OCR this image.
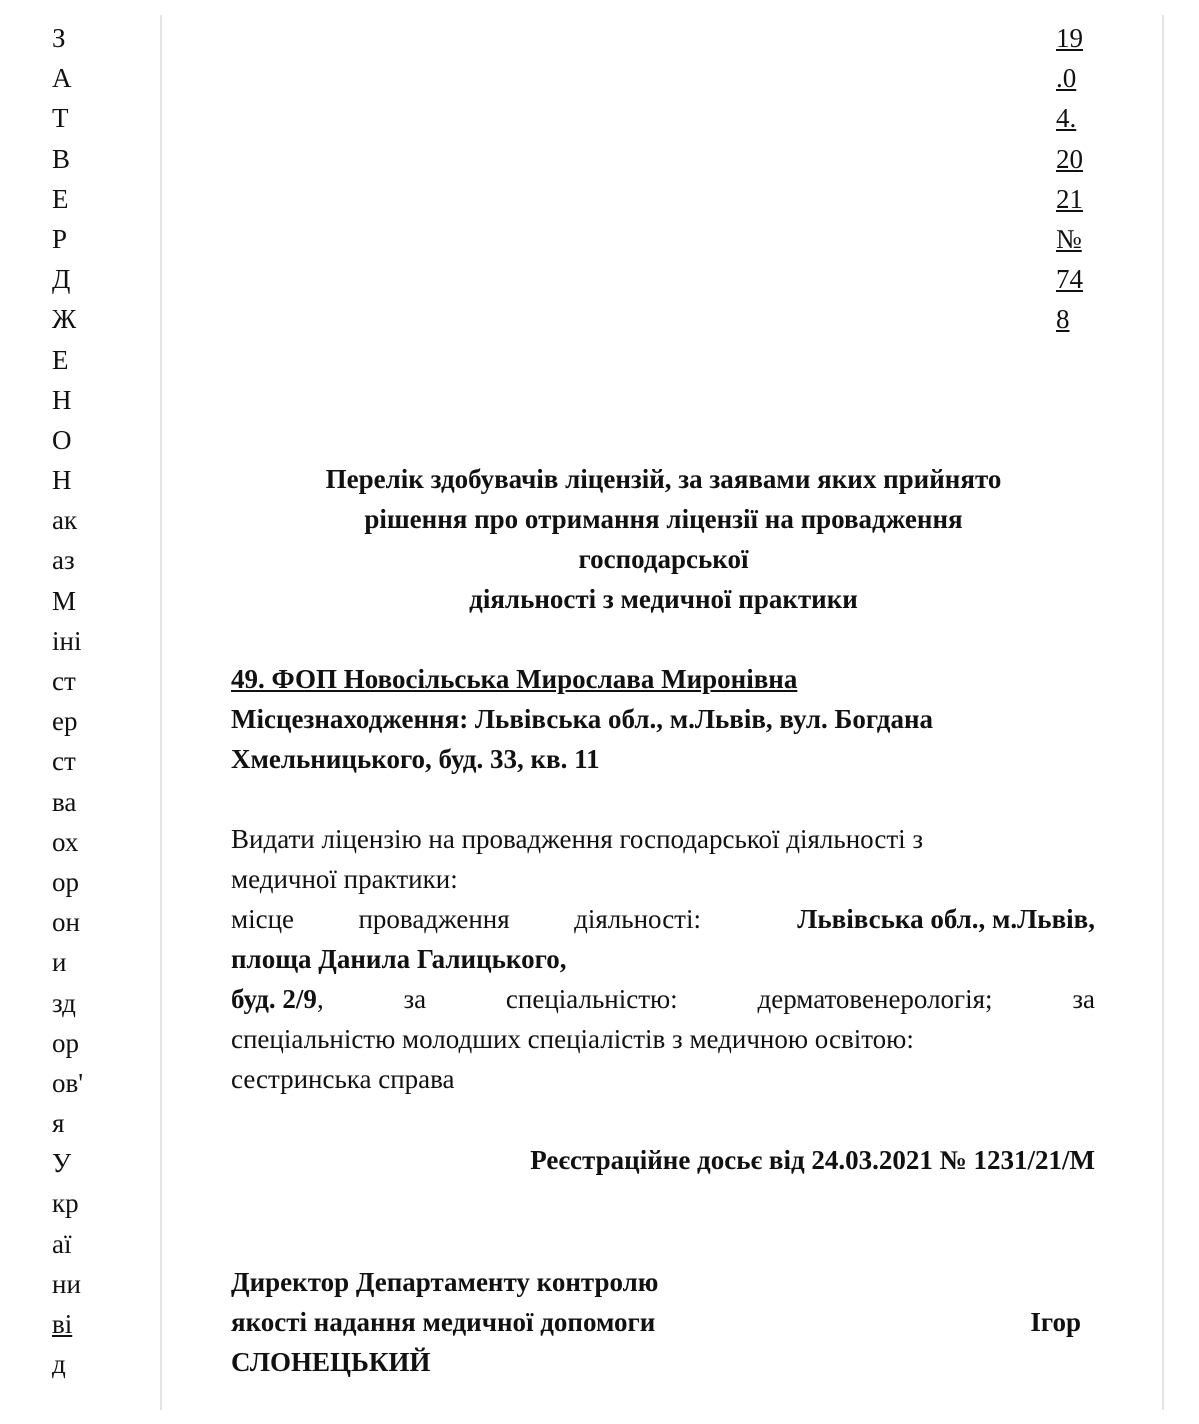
З
А
Т
В
Е
Р
Д
Ж
Е
Н
О
Н
ак
аз
М
іні
ст
ер
ст
ва
ох
ор
он
и
зд
ор
ов'
я
У
кр
аї
ни
ві
д
19
.0
4.
20
21
№
74
8
Перелік здобувачів ліцензій, за заявами яких прийнято
рішення про отримання ліцензії на провадження
господарської
діяльності з медичної практики
49. ФОП Новосільська Мирослава Миронівна
Місцезнаходження: Львівська обл., м.Львів, вул. Богдана
Хмельницького, буд. 33, кв. 11
Видати ліцензію на провадження господарської діяльності з
медичної практики:
місце провадження діяльності:	Львівська обл., м.Львів,
площа Данила Галицького,
буд. 2/9,	за	спеціальністю:	дерматовенерологія;	за
спеціальністю молодших спеціалістів з медичною освітою:
сестринська справа
Реєстраційне досьє від 24.03.2021 № 1231/21/М
Директор Департаменту контролю
якості надання медичної допомоги	Ігор
СЛОНЕЦЬКИЙ
